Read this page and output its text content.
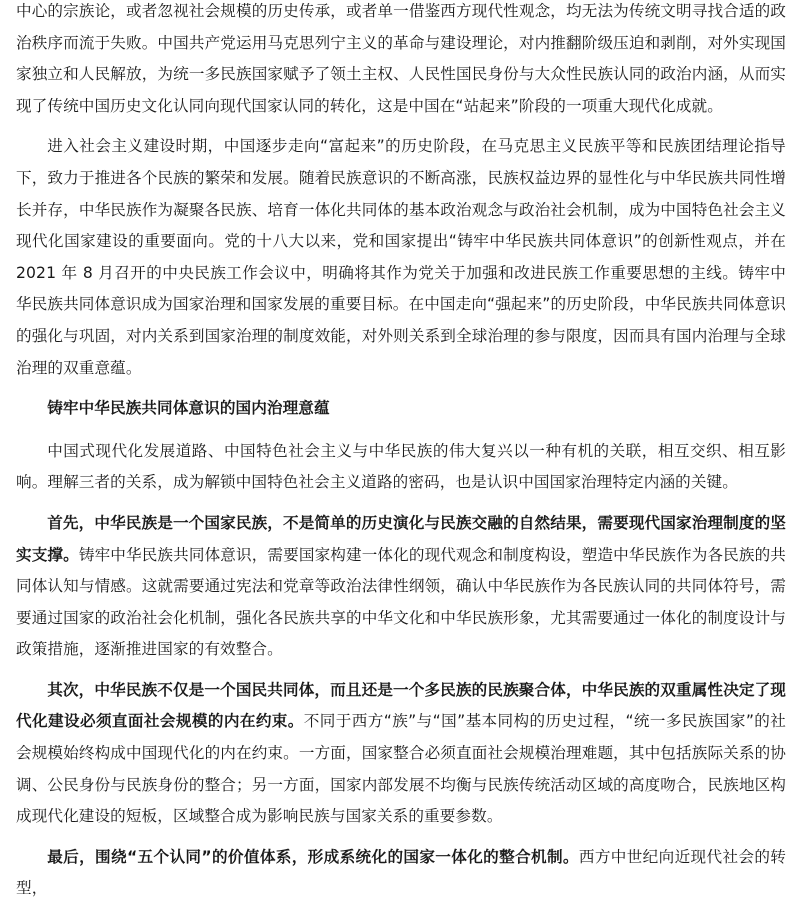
中心的宗族论，或者忽视社会规模的历史传承，或者单一借鉴西方现代性观念，均无法为传统文明寻找合适的政治秩序而流于失败。中国共产党运用马克思列宁主义的革命与建设理论，对内推翻阶级压迫和剥削，对外实现国家独立和人民解放，为统一多民族国家赋予了领土主权、人民性国民身份与大众性民族认同的政治内涵，从而实现了传统中国历史文化认同向现代国家认同的转化，这是中国在“站起来”阶段的一项重大现代化成就。

进入社会主义建设时期，中国逐步走向“富起来”的历史阶段，在马克思主义民族平等和民族团结理论指导下，致力于推进各个民族的繁荣和发展。随着民族意识的不断高涨，民族权益边界的显性化与中华民族共同性增长并存，中华民族作为凝聚各民族、培育一体化共同体的基本政治观念与政治社会机制，成为中国特色社会主义现代化国家建设的重要面向。党的十八大以来，党和国家提出“铸牢中华民族共同体意识”的创新性观点，并在 2021 年 8 月召开的中央民族工作会议中，明确将其作为党关于加强和改进民族工作重要思想的主线。铸牢中华民族共同体意识成为国家治理和国家发展的重要目标。在中国走向“强起来”的历史阶段，中华民族共同体意识的强化与巩固，对内关系到国家治理的制度效能，对外则关系到全球治理的参与限度，因而具有国内治理与全球治理的双重意蕴。

铸牢中华民族共同体意识的国内治理意蕴

中国式现代化发展道路、中国特色社会主义与中华民族的伟大复兴以一种有机的关联，相互交织、相互影响。理解三者的关系，成为解锁中国特色社会主义道路的密码，也是认识中国国家治理特定内涵的关键。

首先，中华民族是一个国家民族，不是简单的历史演化与民族交融的自然结果，需要现代国家治理制度的坚实支撑。铸牢中华民族共同体意识，需要国家构建一体化的现代观念和制度构设，塑造中华民族作为各民族的共同体认知与情感。这就需要通过宪法和党章等政治法律性纲领，确认中华民族作为各民族认同的共同体符号，需要通过国家的政治社会化机制，强化各民族共享的中华文化和中华民族形象，尤其需要通过一体化的制度设计与政策措施，逐渐推进国家的有效整合。

其次，中华民族不仅是一个国民共同体，而且还是一个多民族的民族聚合体，中华民族的双重属性决定了现代化建设必须直面社会规模的内在约束。不同于西方“族”与“国”基本同构的历史过程，“统一多民族国家”的社会规模始终构成中国现代化的内在约束。一方面，国家整合必须直面社会规模治理难题，其中包括族际关系的协调、公民身份与民族身份的整合；另一方面，国家内部发展不均衡与民族传统活动区域的高度吻合，民族地区构成现代化建设的短板，区域整合成为影响民族与国家关系的重要参数。

最后，围绕“五个认同”的价值体系，形成系统化的国家一体化的整合机制。西方中世纪向近现代社会的转型，
